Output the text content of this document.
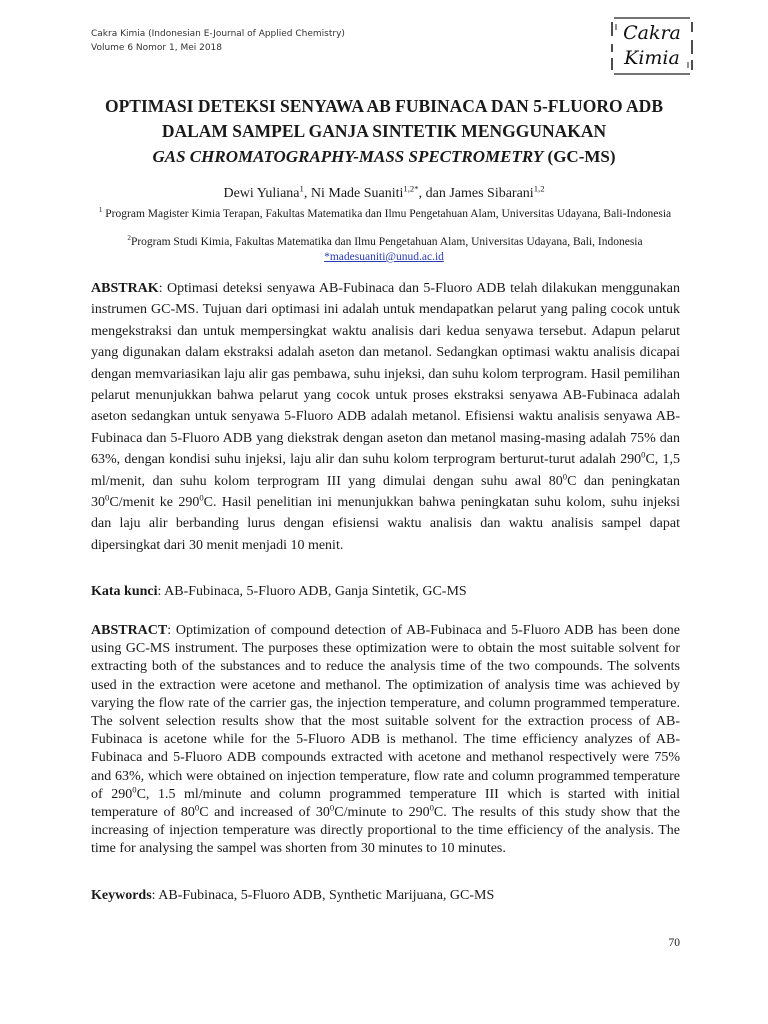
Cakra Kimia (Indonesian E-Journal of Applied Chemistry)
Volume 6 Nomor 1, Mei 2018
Cakra
Kimia
OPTIMASI DETEKSI SENYAWA AB FUBINACA DAN 5-FLUORO ADB
DALAM SAMPEL GANJA SINTETIK MENGGUNAKAN
GAS CHROMATOGRAPHY-MASS SPECTROMETRY (GC-MS)
Dewi Yuliana$^1$, Ni Made Suaniti$^{1,2*}$, dan James Sibarani$^{1,2}$
$^1$ Program Magister Kimia Terapan, Fakultas Matematika dan Ilmu Pengetahuan Alam, Universitas Udayana, Bali-Indonesia
$^2$Program Studi Kimia, Fakultas Matematika dan Ilmu Pengetahuan Alam, Universitas Udayana, Bali, Indonesia
*madesuaniti@unud.ac.id

ABSTRAK: Optimasi deteksi senyawa AB-Fubinaca dan 5-Fluoro ADB telah dilakukan menggunakan instrumen GC-MS. Tujuan dari optimasi ini adalah untuk mendapatkan pelarut yang paling cocok untuk mengekstraksi dan untuk mempersingkat waktu analisis dari kedua senyawa tersebut. Adapun pelarut yang digunakan dalam ekstraksi adalah aseton dan metanol. Sedangkan optimasi waktu analisis dicapai dengan memvariasikan laju alir gas pembawa, suhu injeksi, dan suhu kolom terprogram. Hasil pemilihan pelarut menunjukkan bahwa pelarut yang cocok untuk proses ekstraksi senyawa AB-Fubinaca adalah aseton sedangkan untuk senyawa 5-Fluoro ADB adalah metanol. Efisiensi waktu analisis senyawa AB- Fubinaca dan 5-Fluoro ADB yang diekstrak dengan aseton dan metanol masing-masing adalah 75% dan 63%, dengan kondisi suhu injeksi, laju alir dan suhu kolom terprogram berturut-turut adalah $290^0C$, 1,5 ml/menit, dan suhu kolom terprogram III yang dimulai dengan suhu awal $80^0C$ dan peningkatan $30^0C$/menit ke $290^0C$. Hasil penelitian ini menunjukkan bahwa peningkatan suhu kolom, suhu injeksi dan laju alir berbanding lurus dengan efisiensi waktu analisis dan waktu analisis sampel dapat dipersingkat dari 30 menit menjadi 10 menit.

Kata kunci: AB-Fubinaca, 5-Fluoro ADB, Ganja Sintetik, GC-MS

ABSTRACT: Optimization of compound detection of AB-Fubinaca and 5-Fluoro ADB has been done using GC-MS instrument. The purposes these optimization were to obtain the most suitable solvent for extracting both of the substances and to reduce the analysis time of the two compounds. The solvents used in the extraction were acetone and methanol. The optimization of analysis time was achieved by varying the flow rate of the carrier gas, the injection temperature, and column programmed temperature. The solvent selection results show that the most suitable solvent for the extraction process of AB-Fubinaca is acetone while for the 5-Fluoro ADB is methanol. The time efficiency analyzes of AB-Fubinaca and 5-Fluoro ADB compounds extracted with acetone and methanol respectively were 75% and 63%, which were obtained on injection temperature, flow rate and column programmed temperature of $290^0C$, 1.5 ml/minute and column programmed temperature III which is started with initial temperature of $80^0C$ and increased of $30^0C$/minute to $290^0C$. The results of this study show that the increasing of injection temperature was directly proportional to the time efficiency of the analysis. The time for analysing the sampel was shorten from 30 minutes to 10 minutes.

Keywords: AB-Fubinaca, 5-Fluoro ADB, Synthetic Marijuana, GC-MS

70
